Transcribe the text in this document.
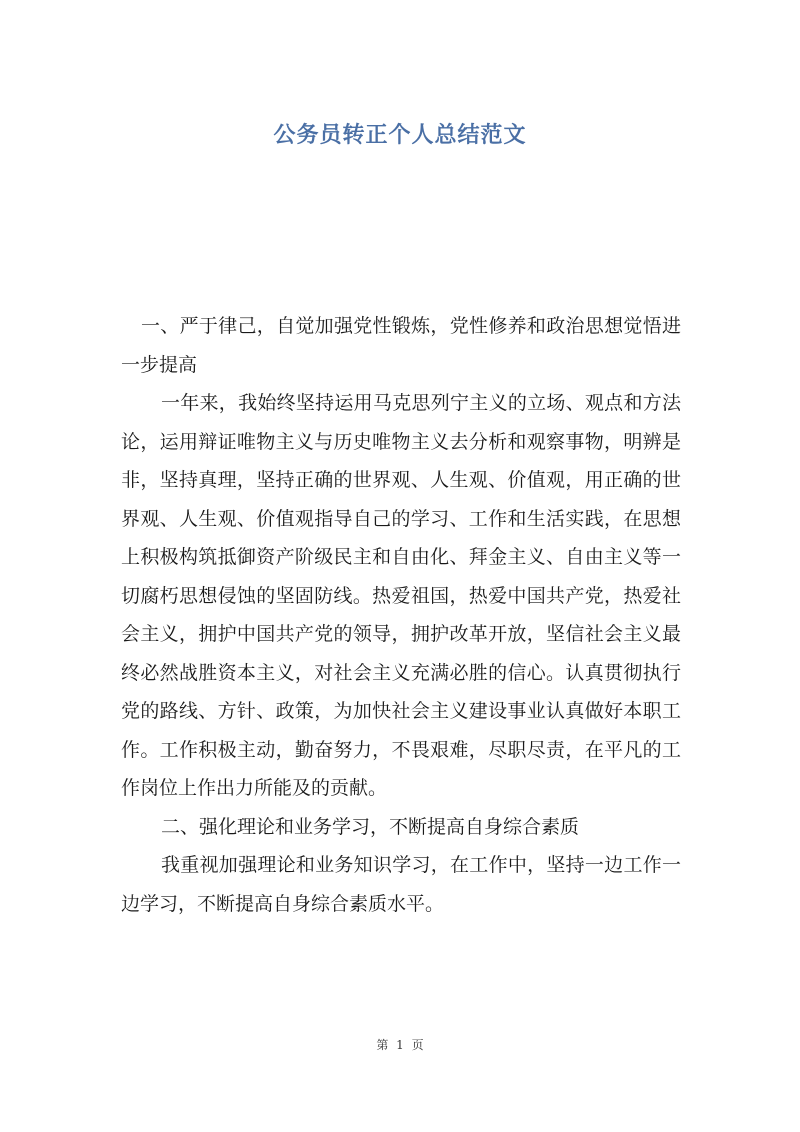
公务员转正个人总结范文

一、严于律己，自觉加强党性锻炼，党性修养和政治思想觉悟进一步提高

一年来，我始终坚持运用马克思列宁主义的立场、观点和方法论，运用辩证唯物主义与历史唯物主义去分析和观察事物，明辨是非，坚持真理，坚持正确的世界观、人生观、价值观，用正确的世界观、人生观、价值观指导自己的学习、工作和生活实践，在思想上积极构筑抵御资产阶级民主和自由化、拜金主义、自由主义等一切腐朽思想侵蚀的坚固防线。热爱祖国，热爱中国共产党，热爱社会主义，拥护中国共产党的领导，拥护改革开放，坚信社会主义最终必然战胜资本主义，对社会主义充满必胜的信心。认真贯彻执行党的路线、方针、政策，为加快社会主义建设事业认真做好本职工作。工作积极主动，勤奋努力，不畏艰难，尽职尽责，在平凡的工作岗位上作出力所能及的贡献。

二、强化理论和业务学习，不断提高自身综合素质

我重视加强理论和业务知识学习，在工作中，坚持一边工作一边学习，不断提高自身综合素质水平。

第 1 页
